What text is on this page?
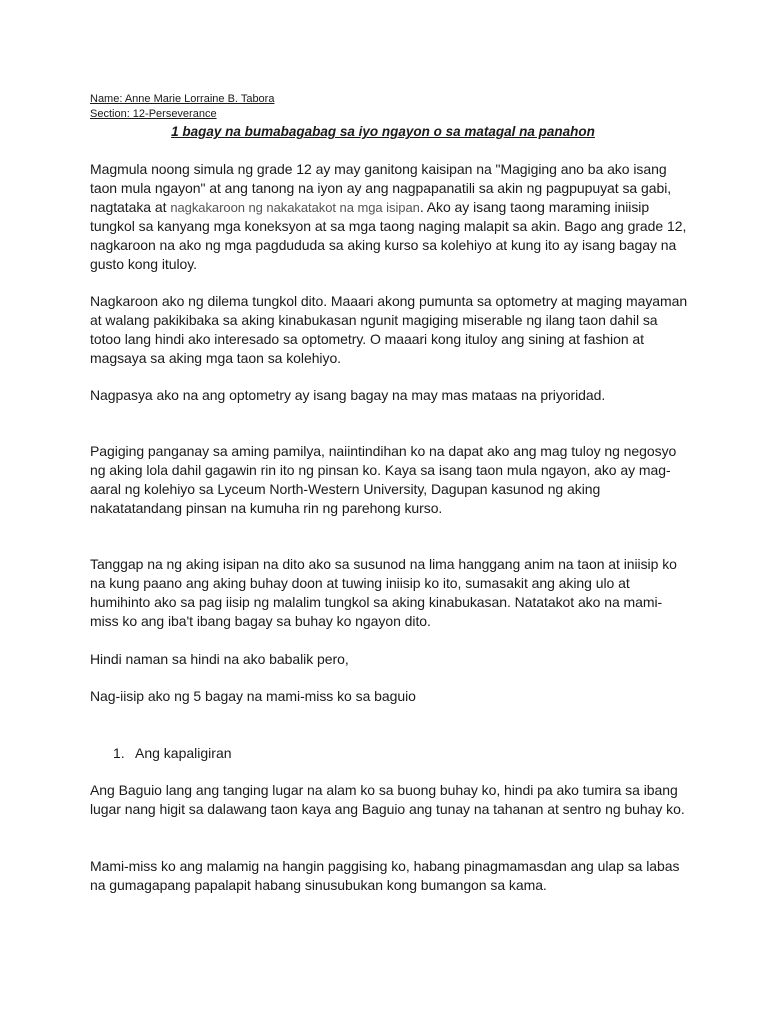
Name: Anne Marie Lorraine B. Tabora

Section: 12-Perseverance

1 bagay na bumabagabag sa iyo ngayon o sa matagal na panahon

Magmula noong simula ng grade 12 ay may ganitong kaisipan na "Magiging ano ba ako isang taon mula ngayon" at ang tanong na iyon ay ang nagpapanatili sa akin ng pagpupuyat sa gabi, nagtataka at nagkakaroon ng nakakatakot na mga isipan. Ako ay isang taong maraming iniisip tungkol sa kanyang mga koneksyon at sa mga taong naging malapit sa akin. Bago ang grade 12, nagkaroon na ako ng mga pagdududa sa aking kurso sa kolehiyo at kung ito ay isang bagay na gusto kong ituloy.

Nagkaroon ako ng dilema tungkol dito. Maaari akong pumunta sa optometry at maging mayaman at walang pakikibaka sa aking kinabukasan ngunit magiging miserable ng ilang taon dahil sa totoo lang hindi ako interesado sa optometry. O maaari kong ituloy ang sining at fashion at magsaya sa aking mga taon sa kolehiyo.

Nagpasya ako na ang optometry ay isang bagay na may mas mataas na priyoridad.

Pagiging panganay sa aming pamilya, naiintindihan ko na dapat ako ang mag tuloy ng negosyo ng aking lola dahil gagawin rin ito ng pinsan ko. Kaya sa isang taon mula ngayon, ako ay mag-aaral ng kolehiyo sa Lyceum North-Western University, Dagupan kasunod ng aking nakatatandang pinsan na kumuha rin ng parehong kurso.

Tanggap na ng aking isipan na dito ako sa susunod na lima hanggang anim na taon at iniisip ko na kung paano ang aking buhay doon at tuwing iniisip ko ito, sumasakit ang aking ulo at humihinto ako sa pag iisip ng malalim tungkol sa aking kinabukasan. Natatakot ako na mami-miss ko ang iba't ibang bagay sa buhay ko ngayon dito.

Hindi naman sa hindi na ako babalik pero,

Nag-iisip ako ng 5 bagay na mami-miss ko sa baguio

1. Ang kapaligiran

Ang Baguio lang ang tanging lugar na alam ko sa buong buhay ko, hindi pa ako tumira sa ibang lugar nang higit sa dalawang taon kaya ang Baguio ang tunay na tahanan at sentro ng buhay ko.

Mami-miss ko ang malamig na hangin paggising ko, habang pinagmamasdan ang ulap sa labas na gumagapang papalapit habang sinusubukan kong bumangon sa kama.
